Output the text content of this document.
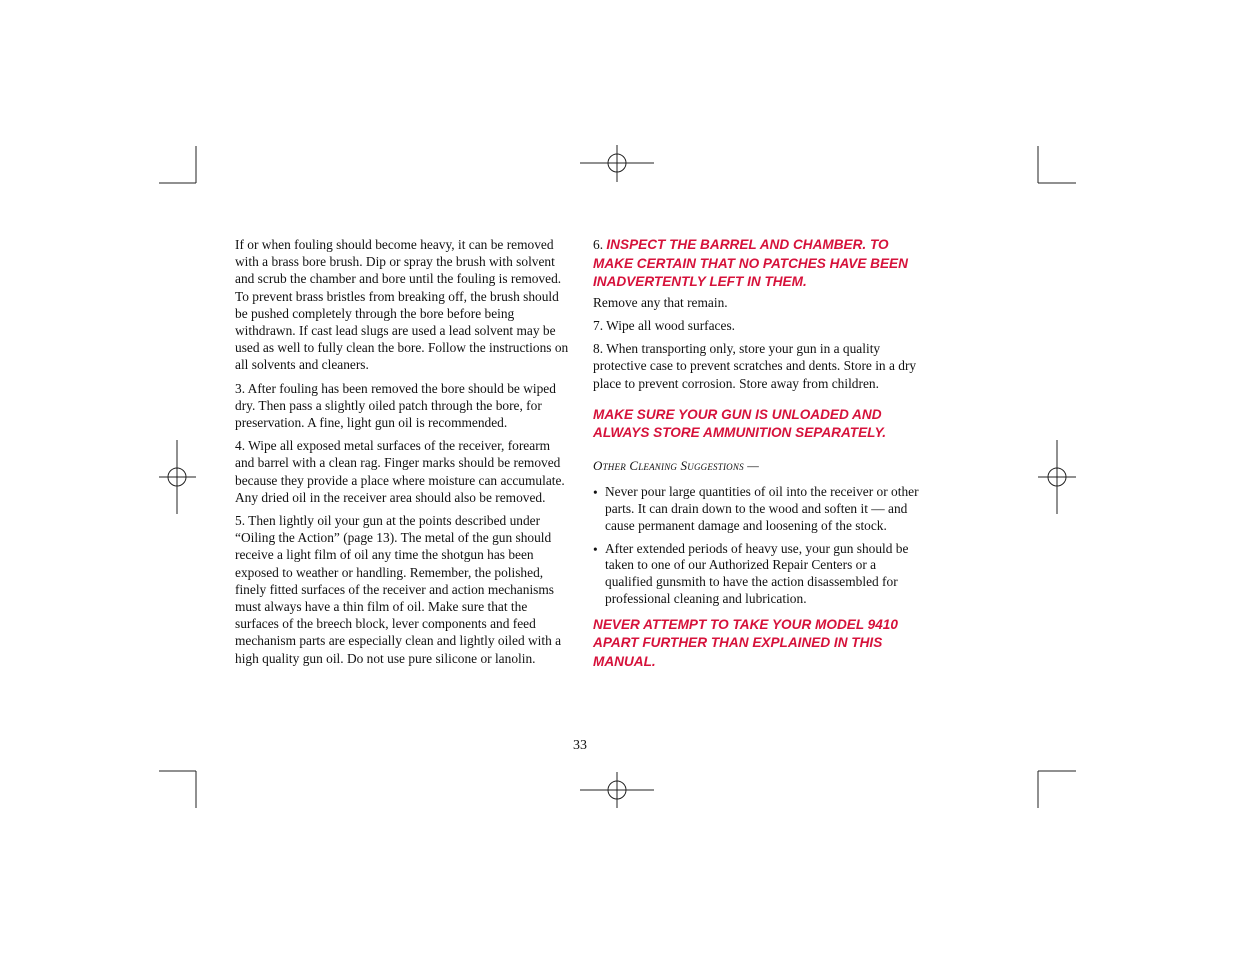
If or when fouling should become heavy, it can be removed with a brass bore brush. Dip or spray the brush with solvent and scrub the chamber and bore until the fouling is removed. To prevent brass bristles from breaking off, the brush should be pushed completely through the bore before being withdrawn. If cast lead slugs are used a lead solvent may be used as well to fully clean the bore. Follow the instructions on all solvents and cleaners.

3. After fouling has been removed the bore should be wiped dry. Then pass a slightly oiled patch through the bore, for preservation. A fine, light gun oil is recommended.

4. Wipe all exposed metal surfaces of the receiver, forearm and barrel with a clean rag. Finger marks should be removed because they provide a place where moisture can accumulate. Any dried oil in the receiver area should also be removed.

5. Then lightly oil your gun at the points described under “Oiling the Action” (page 13). The metal of the gun should receive a light film of oil any time the shotgun has been exposed to weather or handling. Remember, the polished, finely fitted surfaces of the receiver and action mechanisms must always have a thin film of oil. Make sure that the surfaces of the breech block, lever components and feed mechanism parts are especially clean and lightly oiled with a high quality gun oil. Do not use pure silicone or lanolin.

6. INSPECT THE BARREL AND CHAMBER. TO MAKE CERTAIN THAT NO PATCHES HAVE BEEN INADVERTENTLY LEFT IN THEM.

Remove any that remain.

7. Wipe all wood surfaces.

8. When transporting only, store your gun in a quality protective case to prevent scratches and dents. Store in a dry place to prevent corrosion. Store away from children.

MAKE SURE YOUR GUN IS UNLOADED AND ALWAYS STORE AMMUNITION SEPARATELY.

Other Cleaning Suggestions —

• Never pour large quantities of oil into the receiver or other parts. It can drain down to the wood and soften it — and cause permanent damage and loosening of the stock.
• After extended periods of heavy use, your gun should be taken to one of our Authorized Repair Centers or a qualified gunsmith to have the action disassembled for professional cleaning and lubrication.

NEVER ATTEMPT TO TAKE YOUR MODEL 9410 APART FURTHER THAN EXPLAINED IN THIS MANUAL.

33
